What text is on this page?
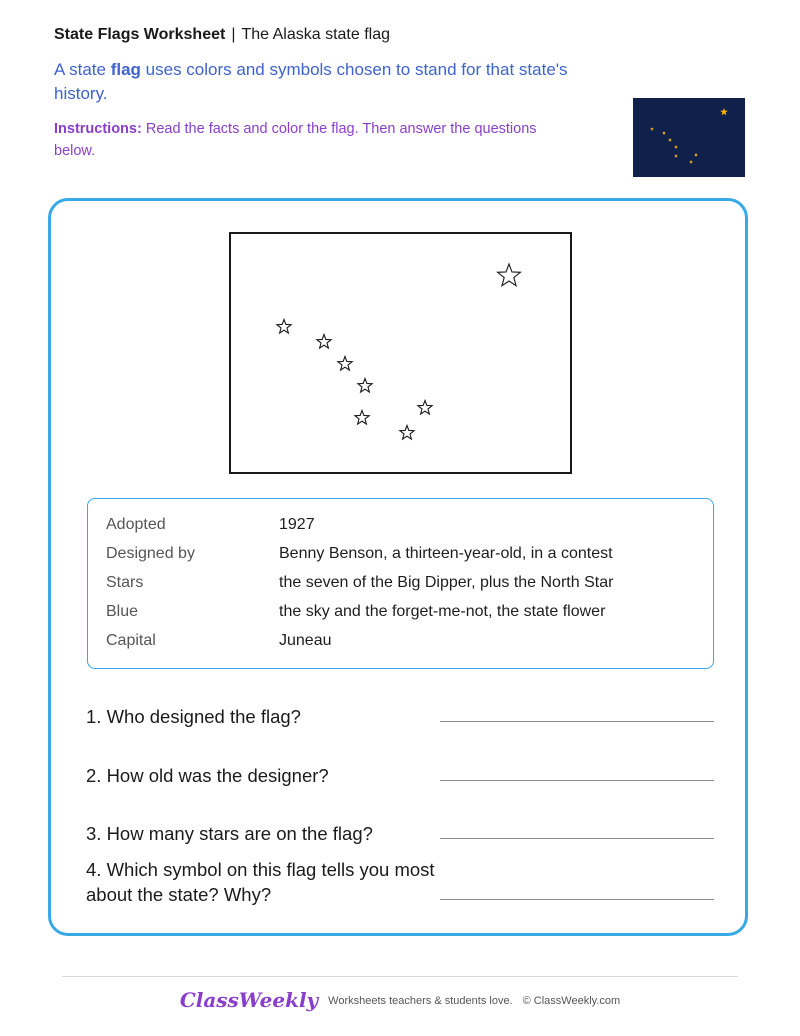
State Flags Worksheet | The Alaska state flag
A state flag uses colors and symbols chosen to stand for that state's history.
Instructions: Read the facts and color the flag. Then answer the questions below.
Adopted	1927
Designed by	Benny Benson, a thirteen-year-old, in a contest
Stars	the seven of the Big Dipper, plus the North Star
Blue	the sky and the forget-me-not, the state flower
Capital	Juneau
1. Who designed the flag?
2. How old was the designer?
3. How many stars are on the flag?
4. Which symbol on this flag tells you most about the state? Why?
ClassWeekly Worksheets teachers & students love. © ClassWeekly.com
